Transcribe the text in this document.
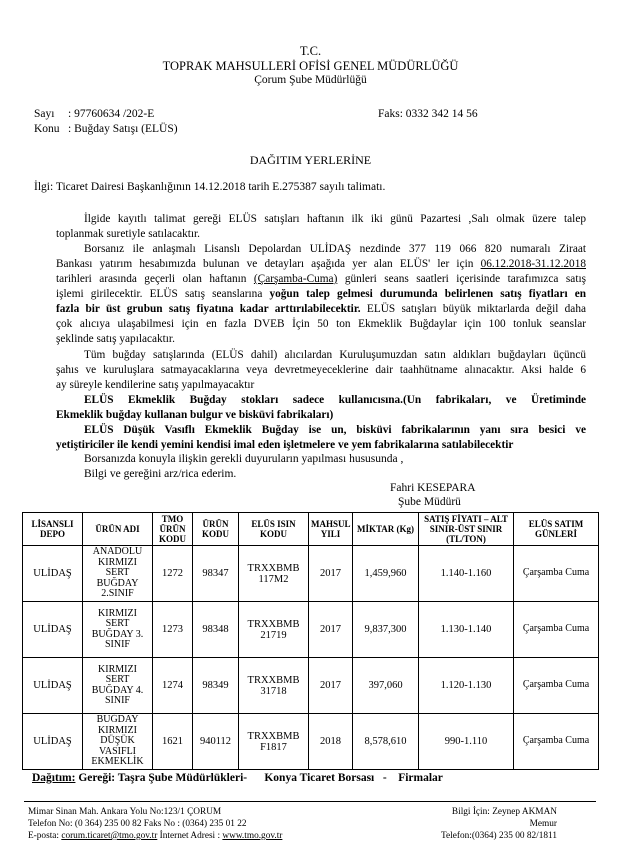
T.C.
TOPRAK MAHSULLERİ OFİSİ GENEL MÜDÜRLÜĞÜ
Çorum Şube Müdürlüğü
Sayı : 97760634 /202-E	Faks: 0332 342 14 56
Konu : Buğday Satışı (ELÜS)
DAĞITIM YERLERİNE
İlgi: Ticaret Dairesi Başkanlığının 14.12.2018 tarih E.275387 sayılı talimatı.
İlgide kayıtlı talimat gereği ELÜS satışları haftanın ilk iki günü Pazartesi ,Salı olmak üzere talep
toplanmak suretiyle satılacaktır.
Borsanız ile anlaşmalı Lisanslı Depolardan ULİDAŞ nezdinde 377 119 066 820 numaralı Ziraat
Bankası yatırım hesabımızda bulunan ve detayları aşağıda yer alan ELÜS' ler için 06.12.2018-31.12.2018
tarihleri arasında geçerli olan haftanın (Çarşamba-Cuma) günleri seans saatleri içerisinde tarafımızca satış
işlemi girilecektir. ELÜS satış seanslarına yoğun talep gelmesi durumunda belirlenen satış fiyatları en
fazla bir üst grubun satış fiyatına kadar arttırılabilecektir. ELÜS satışları büyük miktarlarda değil daha
çok alıcıya ulaşabilmesi için en fazla DVEB İçin 50 ton Ekmeklik Buğdaylar için 100 tonluk seanslar
şeklinde satış yapılacaktır.
Tüm buğday satışlarında (ELÜS dahil) alıcılardan Kuruluşumuzdan satın aldıkları buğdayları üçüncü
şahıs ve kuruluşlara satmayacaklarına veya devretmeyeceklerine dair taahhütname alınacaktır. Aksi halde 6
ay süreyle kendilerine satış yapılmayacaktır
ELÜS Ekmeklik Buğday stokları sadece kullanıcısına.(Un fabrikaları, ve Üretiminde
Ekmeklik buğday kullanan bulgur ve bisküvi fabrikaları)
ELÜS Düşük Vasıflı Ekmeklik Buğday ise un, bisküvi fabrikalarının yanı sıra besici ve
yetiştiriciler ile kendi yemini kendisi imal eden işletmelere ve yem fabrikalarına satılabilecektir
Borsanızda konuyla ilişkin gerekli duyuruların yapılması hususunda ,
Bilgi ve gereğini arz/rica ederim.
Fahri KESEPARA
Şube Müdürü
LİSANSLI DEPO	ÜRÜN ADI	TMO ÜRÜN KODU	ÜRÜN KODU	ELÜS ISIN KODU	MAHSUL YILI	MİKTAR (Kg)	SATIŞ FİYATI – ALT SINIR-ÜST SINIR (TL/TON)	ELÜS SATIM GÜNLERİ
ULİDAŞ	ANADOLU KIRMIZI SERT BUĞDAY 2.SINIF	1272	98347	TRXXBMB 117M2	2017	1,459,960	1.140-1.160	Çarşamba Cuma
ULİDAŞ	KIRMIZI SERT BUĞDAY 3. SINIF	1273	98348	TRXXBMB 21719	2017	9,837,300	1.130-1.140	Çarşamba Cuma
ULİDAŞ	KIRMIZI SERT BUĞDAY 4. SINIF	1274	98349	TRXXBMB 31718	2017	397,060	1.120-1.130	Çarşamba Cuma
ULİDAŞ	BUĞDAY KIRMIZI DÜŞÜK VASIFLI EKMEKLİK	1621	940112	TRXXBMB F1817	2018	8,578,610	990-1.110	Çarşamba Cuma
Dağıtım: Gereği: Taşra Şube Müdürlükleri-      Konya Ticaret Borsası   -    Firmalar
Mimar Sinan Mah. Ankara Yolu No:123/1 ÇORUM
Telefon No: (0 364) 235 00 82 Faks No : (0364) 235 01 22
E-posta: corum.ticaret@tmo.gov.tr İnternet Adresi : www.tmo.gov.tr
Bilgi İçin: Zeynep AKMAN
Memur
Telefon:(0364) 235 00 82/1811
